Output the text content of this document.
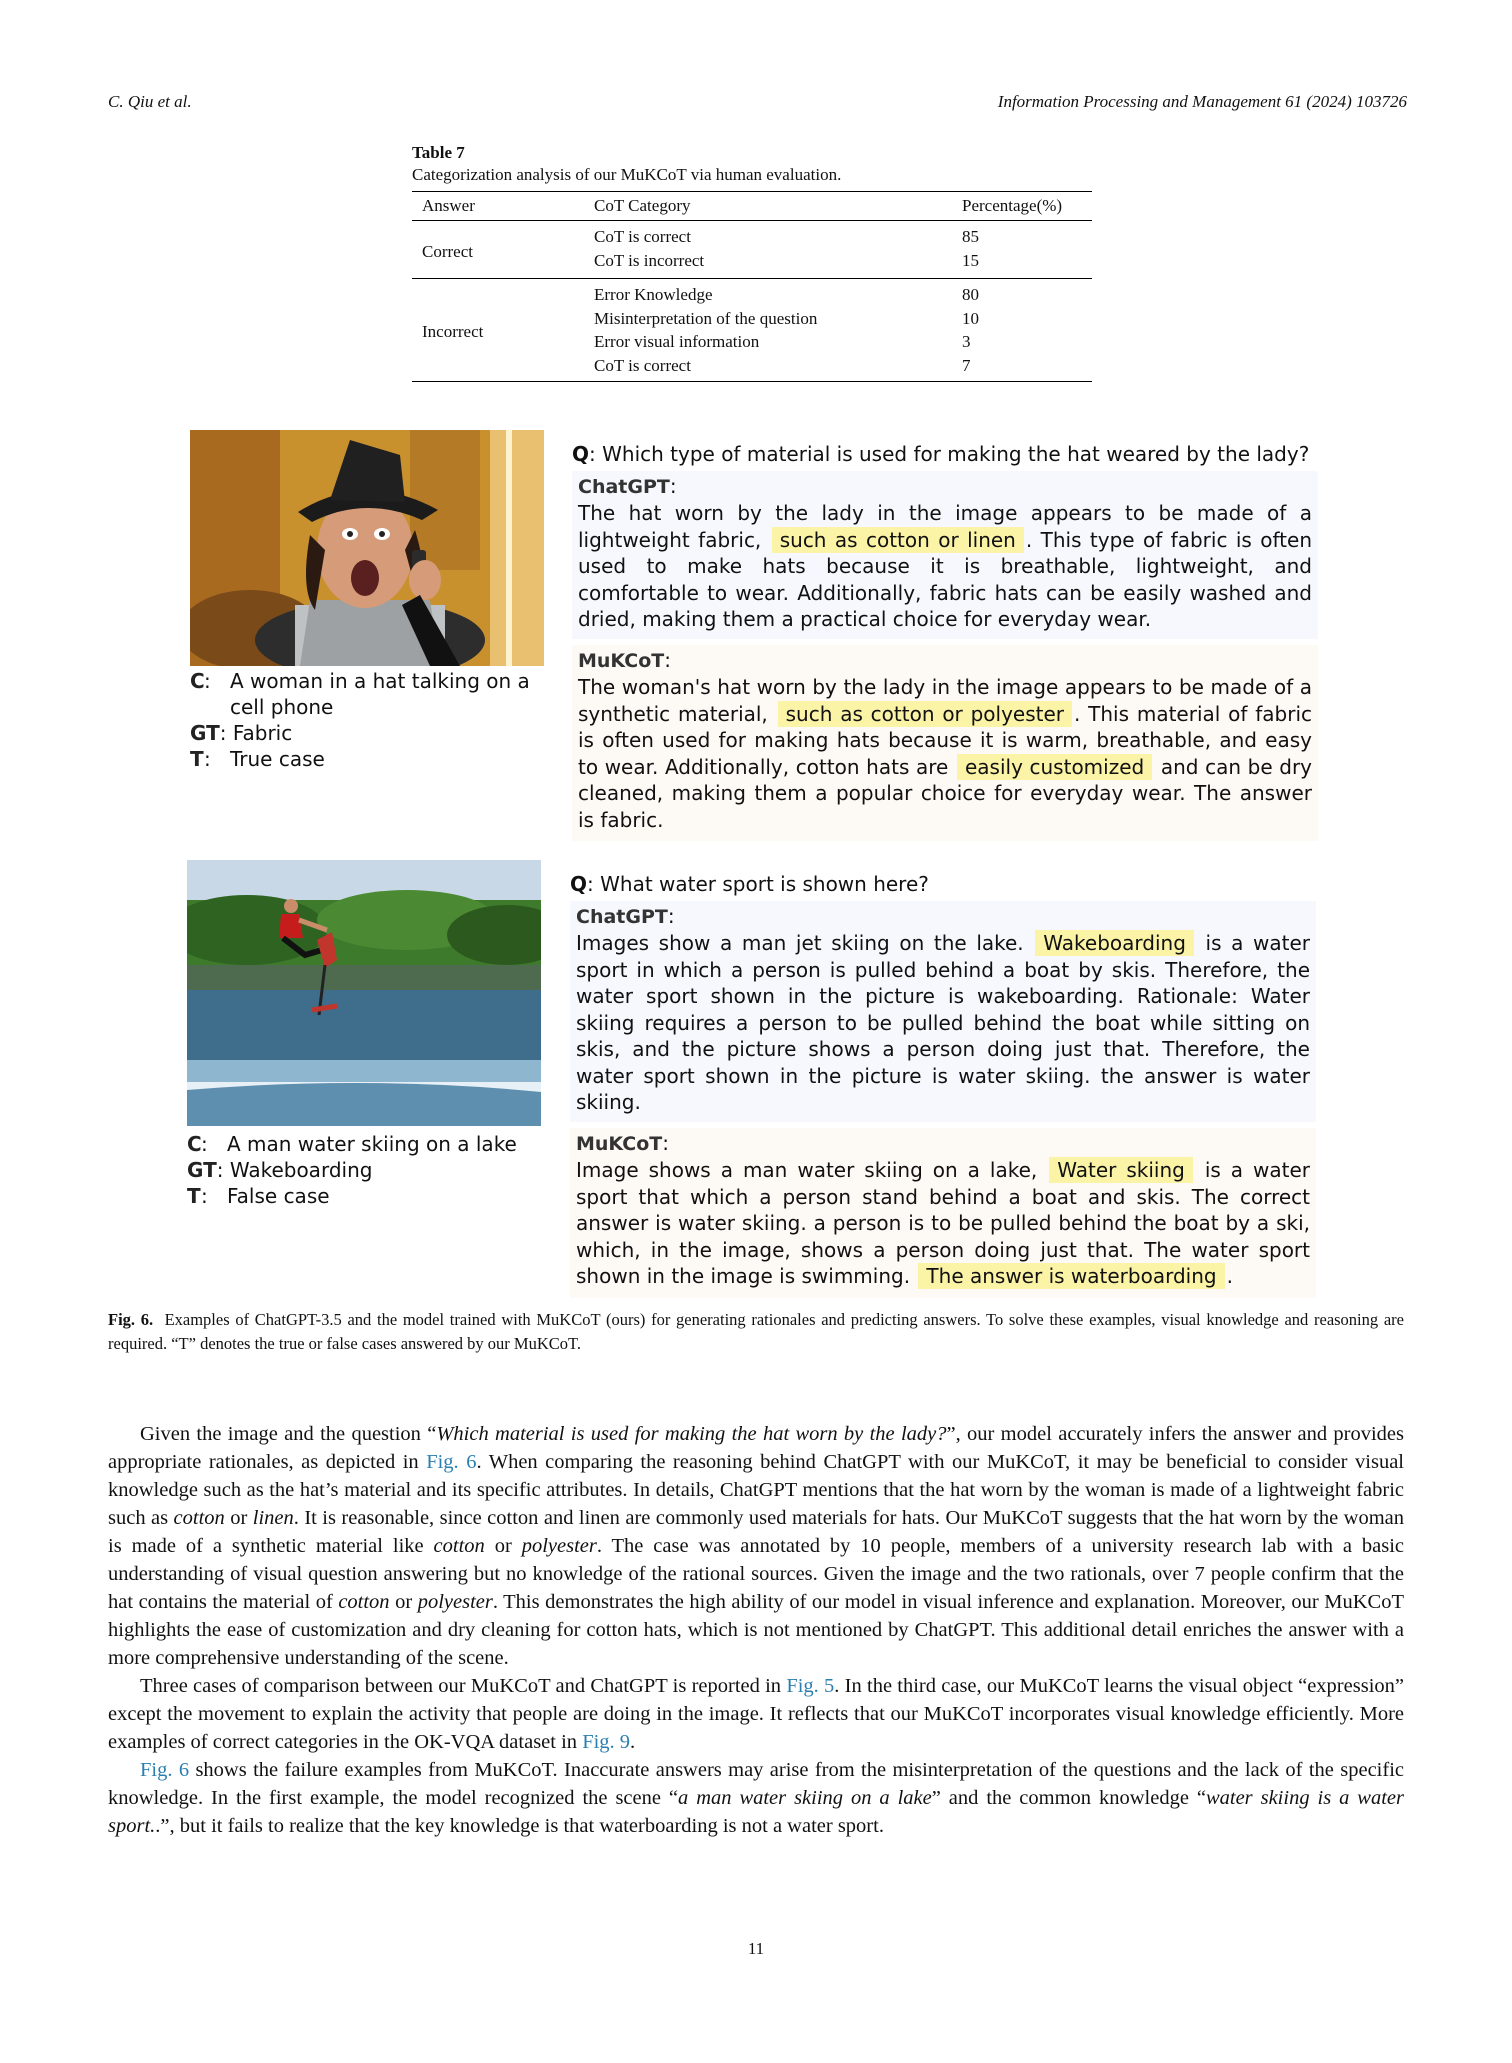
C. Qiu et al.	Information Processing and Management 61 (2024) 103726
Table 7
Categorization analysis of our MuKCoT via human evaluation.
Answer	CoT Category	Percentage(%)
Correct	CoT is correct	85
	CoT is incorrect	15
Incorrect	Error Knowledge	80
	Misinterpretation of the question	10
	Error visual information	3
	CoT is correct	7
C : A woman in a hat talking on a cell phone
GT : Fabric
T : True case
Q: Which type of material is used for making the hat weared by the lady?
ChatGPT:
The hat worn by the lady in the image appears to be made of a lightweight fabric, such as cotton or linen . This type of fabric is often used to make hats because it is breathable, lightweight, and comfortable to wear. Additionally, fabric hats can be easily washed and dried, making them a practical choice for everyday wear.
MuKCoT:
The woman's hat worn by the lady in the image appears to be made of a synthetic material, such as cotton or polyester . This material of fabric is often used for making hats because it is warm, breathable, and easy to wear. Additionally, cotton hats are easily customized and can be dry cleaned, making them a popular choice for everyday wear. The answer is fabric.
C : A man water skiing on a lake
GT : Wakeboarding
T : False case
Q: What water sport is shown here?
ChatGPT:
Images show a man jet skiing on the lake. Wakeboarding is a water sport in which a person is pulled behind a boat by skis. Therefore, the water sport shown in the picture is wakeboarding. Rationale: Water skiing requires a person to be pulled behind the boat while sitting on skis, and the picture shows a person doing just that. Therefore, the water sport shown in the picture is water skiing. the answer is water skiing.
MuKCoT:
Image shows a man water skiing on a lake, Water skiing is a water sport that which a person stand behind a boat and skis. The correct answer is water skiing. a person is to be pulled behind the boat by a ski, which, in the image, shows a person doing just that. The water sport shown in the image is swimming. The answer is waterboarding .
Fig. 6. Examples of ChatGPT-3.5 and the model trained with MuKCoT (ours) for generating rationales and predicting answers. To solve these examples, visual knowledge and reasoning are required. “T” denotes the true or false cases answered by our MuKCoT.

Given the image and the question “Which material is used for making the hat worn by the lady?”, our model accurately infers the answer and provides appropriate rationales, as depicted in Fig. 6. When comparing the reasoning behind ChatGPT with our MuKCoT, it may be beneficial to consider visual knowledge such as the hat’s material and its specific attributes. In details, ChatGPT mentions that the hat worn by the woman is made of a lightweight fabric such as cotton or linen. It is reasonable, since cotton and linen are commonly used materials for hats. Our MuKCoT suggests that the hat worn by the woman is made of a synthetic material like cotton or polyester. The case was annotated by 10 people, members of a university research lab with a basic understanding of visual question answering but no knowledge of the rational sources. Given the image and the two rationals, over 7 people confirm that the hat contains the material of cotton or polyester. This demonstrates the high ability of our model in visual inference and explanation. Moreover, our MuKCoT highlights the ease of customization and dry cleaning for cotton hats, which is not mentioned by ChatGPT. This additional detail enriches the answer with a more comprehensive understanding of the scene.

Three cases of comparison between our MuKCoT and ChatGPT is reported in Fig. 5. In the third case, our MuKCoT learns the visual object “expression” except the movement to explain the activity that people are doing in the image. It reflects that our MuKCoT incorporates visual knowledge efficiently. More examples of correct categories in the OK-VQA dataset in Fig. 9.

Fig. 6 shows the failure examples from MuKCoT. Inaccurate answers may arise from the misinterpretation of the questions and the lack of the specific knowledge. In the first example, the model recognized the scene “a man water skiing on a lake” and the common knowledge “water skiing is a water sport..”, but it fails to realize that the key knowledge is that waterboarding is not a water sport.

11
